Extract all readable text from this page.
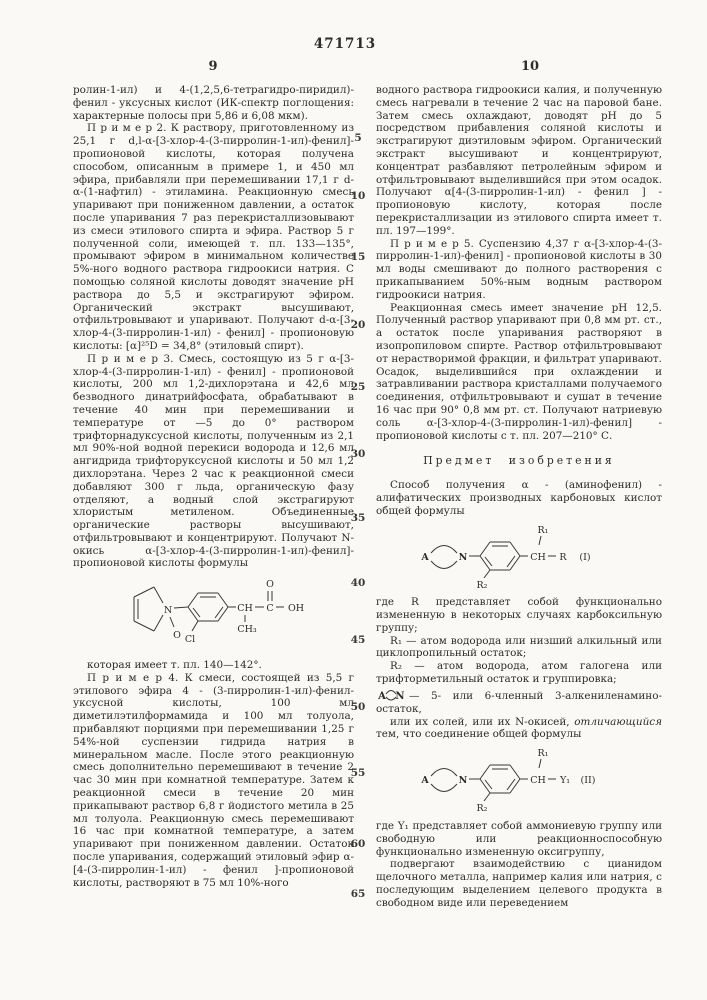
471713
9	10
5
10
15
20
25
30
35
40
45
50
55
60
65

ролин-1-ил) и 4-(1,2,5,6-тетрагидро-пиридил)-фенил - уксусных кислот (ИК-спектр поглощения: характерные полосы при 5,86 и 6,08 мкм).

П р и м е р 2. К раствору, приготовленному из 25,1 г d,l-α-[3-хлор-4-(3-пирролин-1-ил)-фенил]-пропионовой кислоты, которая получена способом, описанным в примере 1, и 450 мл эфира, прибавляли при перемешивании 17,1 г d-α-(1-нафтил) - этиламина. Реакционную смесь упаривают при пониженном давлении, а остаток после упаривания 7 раз перекристаллизовывают из смеси этилового спирта и эфира. Раствор 5 г полученной соли, имеющей т. пл. 133—135°, промывают эфиром в минимальном количестве 5%-ного водного раствора гидроокиси натрия. С помощью соляной кислоты доводят значение pH раствора до 5,5 и экстрагируют эфиром. Органический экстракт высушивают, отфильтровывают и упаривают. Получают d-α-[3-хлор-4-(3-пирролин-1-ил) - фенил] - пропионовую кислоты: [α]²⁵D = 34,8° (этиловый спирт).

П р и м е р 3. Смесь, состоящую из 5 г α-[3-хлор-4-(3-пирролин-1-ил) - фенил] - пропионовой кислоты, 200 мл 1,2-дихлорэтана и 42,6 мл безводного динатрийфосфата, обрабатывают в течение 40 мин при перемешивании и температуре от —5 до 0° раствором трифторнадуксусной кислоты, полученным из 2,1 мл 90%-ной водной перекиси водорода и 12,6 мл ангидрида трифторуксусной кислоты и 50 мл 1,2 дихлорэтана. Через 2 час к реакционной смеси добавляют 300 г льда, органическую фазу отделяют, а водный слой экстрагируют хлористым метиленом. Объединенные органические растворы высушивают, отфильтровывают и концентрируют. Получают N-окись α-[3-хлор-4-(3-пирролин-1-ил)-фенил]-пропионовой кислоты формулы

N
O Cl
CH
CH₃
C
O
OH

которая имеет т. пл. 140—142°.

П р и м е р 4. К смеси, состоящей из 5,5 г этилового эфира 4 - (3-пирролин-1-ил)-фенил-уксусной кислоты, 100 мл диметилэтилформамида и 100 мл толуола, прибавляют порциями при перемешивании 1,25 г 54%-ной суспензии гидрида натрия в минеральном масле. После этого реакционную смесь дополнительно перемешивают в течение 2 час 30 мин при комнатной температуре. Затем к реакционной смеси в течение 20 мин прикапывают раствор 6,8 г йодистого метила в 25 мл толуола. Реакционную смесь перемешивают 16 час при комнатной температуре, а затем упаривают при пониженном давлении. Остаток после упаривания, содержащий этиловый эфир α-[4-(3-пирролин-1-ил) - фенил ]-пропионовой кислоты, растворяют в 75 мл 10%-ного

водного раствора гидроокиси калия, и полученную смесь нагревали в течение 2 час на паровой бане. Затем смесь охлаждают, доводят pH до 5 посредством прибавления соляной кислоты и экстрагируют диэтиловым эфиром. Органический экстракт высушивают и концентрируют, концентрат разбавляют петролейным эфиром и отфильтровывают выделившийся при этом осадок. Получают α[4-(3-пирролин-1-ил) - фенил ] - пропионовую кислоту, которая после перекристаллизации из этилового спирта имеет т. пл. 197—199°.

П р и м е р 5. Суспензию 4,37 г α-[3-хлор-4-(3-пирролин-1-ил)-фенил] - пропионовой кислоты в 30 мл воды смешивают до полного растворения с прикапыванием 50%-ным водным раствором гидроокиси натрия.

Реакционная смесь имеет значение pH 12,5. Полученный раствор упаривают при 0,8 мм рт. ст., а остаток после упаривания растворяют в изопропиловом спирте. Раствор отфильтровывают от нерастворимой фракции, и фильтрат упаривают. Осадок, выделившийся при охлаждении и затравливании раствора кристаллами получаемого соединения, отфильтровывают и сушат в течение 16 час при 90° 0,8 мм рт. ст. Получают натриевую соль α-[3-хлор-4-(3-пирролин-1-ил)-фенил] - пропионовой кислоты с т. пл. 207—210° С.

Предмет изобретения

Способ получения α - (аминофенил) - алифатических производных карбоновых кислот общей формулы

A	N
R₂
R₁
CH R (I)

где R представляет собой функционально измененную в некоторых случаях карбоксильную группу;

R₁ — атом водорода или низший алкильный или циклопропильный остаток;

R₂ — атом водорода, атом галогена или трифторметильный остаток и группировка;

A N — 5- или 6-членный 3-алкениленамино-остаток,

или их солей, или их N-окисей, отличающийся тем, что соединение общей формулы

A	N
R₂
R₁
CH Y₁ (II)

где Y₁ представляет собой аммониевую группу или свободную или реакционноспособную функционально измененную оксигруппу,

подвергают взаимодействию с цианидом щелочного металла, например калия или натрия, с последующим выделением целевого продукта в свободном виде или переведением
